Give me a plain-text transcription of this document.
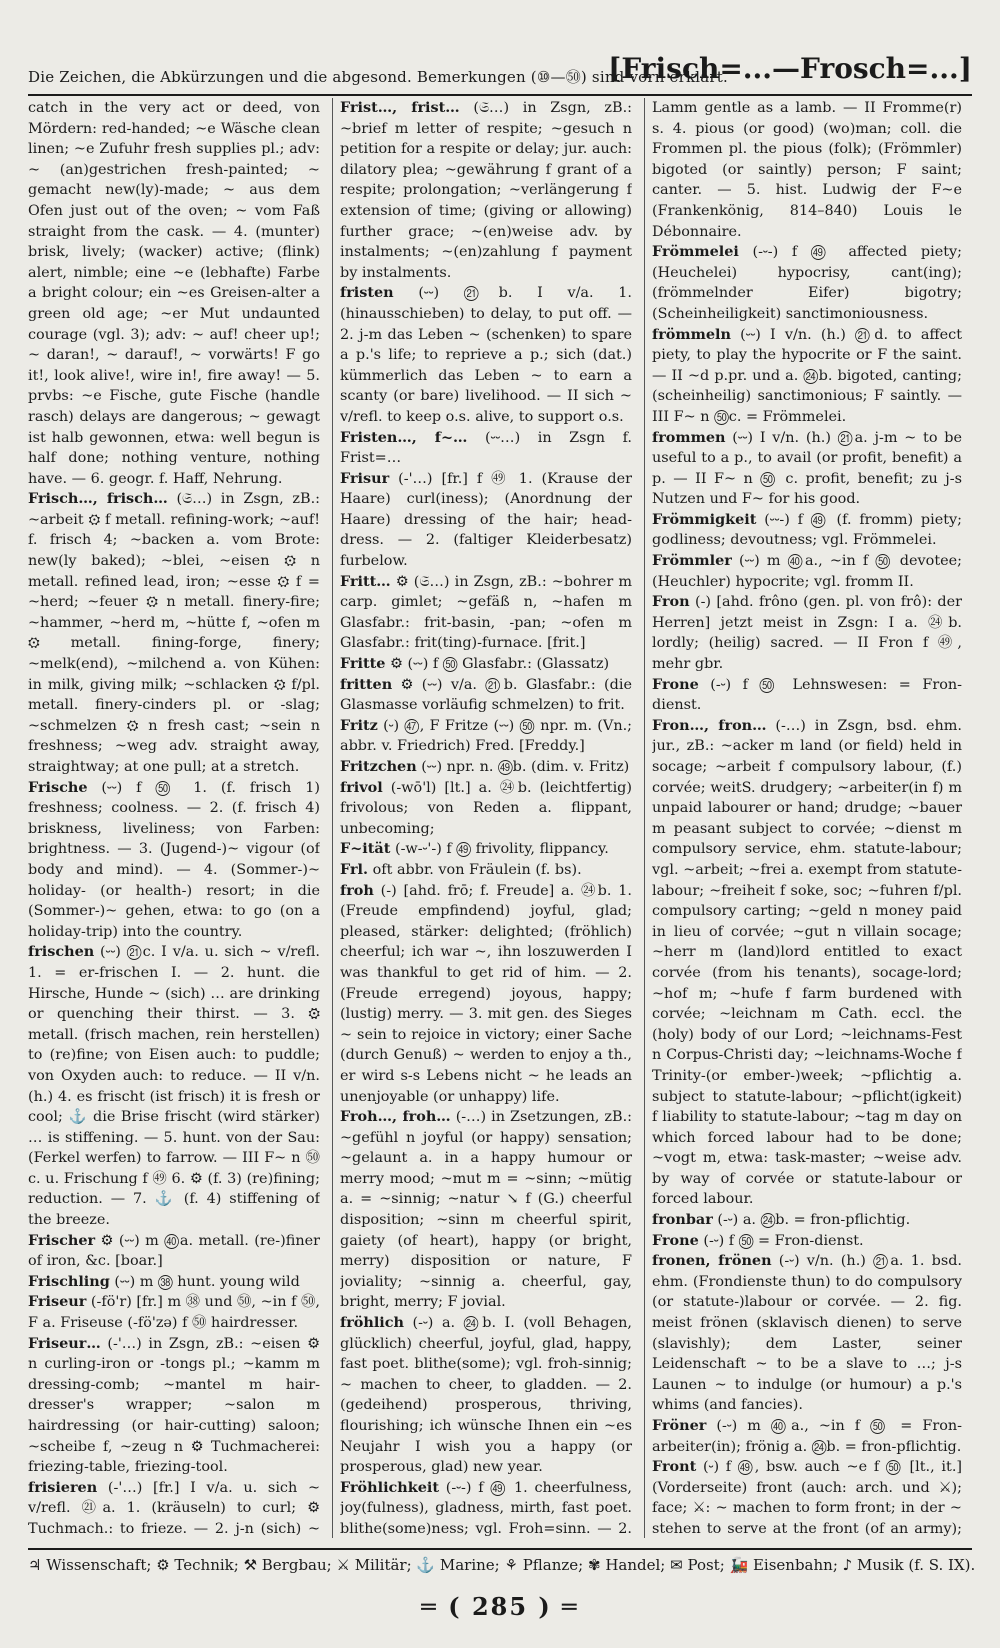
Die Zeichen, die Abkürzungen und die abgesond. Bemerkungen (⑩—㊿) sind vorn erklärt.
[Frisch=...—Frosch=...]
catch in the very act or deed, von Mördern: red-handed; ~e Wäsche clean linen; ~e Zufuhr fresh supplies pl.; adv: ~ (an)gestrichen fresh-painted; ~ gemacht new(ly)-made; ~ aus dem Ofen just out of the oven; ~ vom Faß straight from the cask. — 4. (munter) brisk, lively; (wacker) active; (flink) alert, nimble; eine ~e (lebhafte) Farbe a bright colour; ein ~es Greisen-alter a green old age; ~er Mut undaunted courage (vgl. 3); adv: ~ auf! cheer up!; ~ daran!, ~ darauf!, ~ vorwärts! F go it!, look alive!, wire in!, fire away! — 5. prvbs: ~e Fische, gute Fische (handle rasch) delays are dangerous; ~ gewagt ist halb gewonnen, etwa: well begun is half done; nothing venture, nothing have. — 6. geogr. f. Haff, Nehrung.
Frisch…, frisch… (𝔖…) in Zsgn, zB.: ~arbeit ⚙ f metall. refining-work; ~auf! f. frisch 4; ~backen a. vom Brote: new(ly baked); ~blei, ~eisen ⚙ n metall. refined lead, iron; ~esse ⚙ f = ~herd; ~feuer ⚙ n metall. finery-fire; ~hammer, ~herd m, ~hütte f, ~ofen m ⚙ metall. fining-forge, finery; ~melk(end), ~milchend a. von Kühen: in milk, giving milk; ~schlacken ⚙ f/pl. metall. finery-cinders pl. or -slag; ~schmelzen ⚙ n fresh cast; ~sein n freshness; ~weg adv. straight away, straightway; at one pull; at a stretch.
Frische (⏑⏑) f ㊿ 1. (f. frisch 1) freshness; coolness. — 2. (f. frisch 4) briskness, liveliness; von Farben: brightness. — 3. (Jugend-)~ vigour (of body and mind). — 4. (Sommer-)~ holiday- (or health-) resort; in die (Sommer-)~ gehen, etwa: to go (on a holiday-trip) into the country.
frischen (⏑⏑) ㉑c. I v/a. u. sich ~ v/refl. 1. = er-frischen I. — 2. hunt. die Hirsche, Hunde ~ (sich) … are drinking or quenching their thirst. — 3. ⚙ metall. (frisch machen, rein herstellen) to (re)fine; von Eisen auch: to puddle; von Oxyden auch: to reduce. — II v/n. (h.) 4. es frischt (ist frisch) it is fresh or cool; ⚓ die Brise frischt (wird stärker) … is stiffening. — 5. hunt. von der Sau: (Ferkel werfen) to farrow. — III F~ n ㊿c. u. Frischung f ㊾ 6. ⚙ (f. 3) (re)fining; reduction. — 7. ⚓ (f. 4) stiffening of the breeze.
Frischer ⚙ (⏑⏑) m ㊵a. metall. (re-)finer of iron, &c. [boar.]
Frischling (⏑⏑) m ㊳ hunt. young wild
Friseur (-fö'r) [fr.] m ㊳ und ㊿, ~in f ㊿, F a. Friseuse (-fö'zə) f ㊿ hairdresser.
Friseur… (-'…) in Zsgn, zB.: ~eisen ⚙ n curling-iron or -tongs pl.; ~kamm m dressing-comb; ~mantel m hair-dresser's wrapper; ~salon m hairdressing (or hair-cutting) saloon; ~scheibe f, ~zeug n ⚙ Tuchmacherei: friezing-table, friezing-tool.
frisieren (-'…) [fr.] I v/a. u. sich ~ v/refl. ㉑a. 1. (kräuseln) to curl; ⚙ Tuchmach.: to frieze. — 2. j-n (sich) ~
Frist…, frist… (𝔖…) in Zsgn, zB.: ~brief m letter of respite; ~gesuch n petition for a respite or delay; jur. auch: dilatory plea; ~gewährung f grant of a respite; prolongation; ~verlängerung f extension of time; (giving or allowing) further grace; ~(en)weise adv. by instalments; ~(en)zahlung f payment by instalments.
fristen (⏑⏑) ㉑b. I v/a. 1. (hinausschieben) to delay, to put off. — 2. j-m das Leben ~ (schenken) to spare a p.'s life; to reprieve a p.; sich (dat.) kümmerlich das Leben ~ to earn a scanty (or bare) livelihood. — II sich ~ v/refl. to keep o.s. alive, to support o.s.
Fristen…, f~… (⏑⏑…) in Zsgn f. Frist=…
Frisur (-'…) [fr.] f ㊾ 1. (Krause der Haare) curl(iness); (Anordnung der Haare) dressing of the hair; head-dress. — 2. (faltiger Kleiderbesatz) furbelow.
Fritt… ⚙ (𝔖…) in Zsgn, zB.: ~bohrer m carp. gimlet; ~gefäß n, ~hafen m Glasfabr.: frit-basin, -pan; ~ofen m Glasfabr.: frit(ting)-furnace. [frit.]
Fritte ⚙ (⏑⏑) f ㊿ Glasfabr.: (Glassatz)
fritten ⚙ (⏑⏑) v/a. ㉑b. Glasfabr.: (die Glasmasse vorläufig schmelzen) to frit.
Fritz (⏑) ㊼, F Fritze (⏑⏑) ㊿ npr. m. (Vn.; abbr. v. Friedrich) Fred. [Freddy.]
Fritzchen (⏑⏑) npr. n. ㊾b. (dim. v. Fritz)
frivol (-wō'l) [lt.] a. ㉔b. (leichtfertig) frivolous; von Reden a. flippant, unbecoming;
F~ität (-w-⏑'-) f ㊾ frivolity, flippancy.
Frl. oft abbr. von Fräulein (f. bs).
froh (-) [ahd. frō; f. Freude] a. ㉔b. 1. (Freude empfindend) joyful, glad; pleased, stärker: delighted; (fröhlich) cheerful; ich war ~, ihn loszuwerden I was thankful to get rid of him. — 2. (Freude erregend) joyous, happy; (lustig) merry. — 3. mit gen. des Sieges ~ sein to rejoice in victory; einer Sache (durch Genuß) ~ werden to enjoy a th., er wird s-s Lebens nicht ~ he leads an unenjoyable (or unhappy) life.
Froh…, froh… (-…) in Zsetzungen, zB.: ~gefühl n joyful (or happy) sensation; ~gelaunt a. in a happy humour or merry mood; ~mut m = ~sinn; ~mütig a. = ~sinnig; ~natur ↘ f (G.) cheerful disposition; ~sinn m cheerful spirit, gaiety (of heart), happy (or bright, merry) disposition or nature, F joviality; ~sinnig a. cheerful, gay, bright, merry; F jovial.
fröhlich (-⏑) a. ㉔b. I. (voll Behagen, glücklich) cheerful, joyful, glad, happy, fast poet. blithe(some); vgl. froh-sinnig; ~ machen to cheer, to gladden. — 2. (gedeihend) prosperous, thriving, flourishing; ich wünsche Ihnen ein ~es Neujahr I wish you a happy (or prosperous, glad) new year.
Fröhlichkeit (-⏑-) f ㊾ 1. cheerfulness, joy(fulness), gladness, mirth, fast poet. blithe(some)ness; vgl. Froh=sinn. — 2.
Lamm gentle as a lamb. — II Fromme(r) s. 4. pious (or good) (wo)man; coll. die Frommen pl. the pious (folk); (Frömmler) bigoted (or saintly) person; F saint; canter. — 5. hist. Ludwig der F~e (Frankenkönig, 814–840) Louis le Débonnaire.
Frömmelei (-⏑-) f ㊾ affected piety; (Heuchelei) hypocrisy, cant(ing); (frömmelnder Eifer) bigotry; (Scheinheiligkeit) sanctimoniousness.
frömmeln (⏑⏑) I v/n. (h.) ㉑d. to affect piety, to play the hypocrite or F the saint. — II ~d p.pr. und a. ㉔b. bigoted, canting; (scheinheilig) sanctimonious; F saintly. — III F~ n ㊿c. = Frömmelei.
frommen (⏑⏑) I v/n. (h.) ㉑a. j-m ~ to be useful to a p., to avail (or profit, benefit) a p. — II F~ n ㊿ c. profit, benefit; zu j-s Nutzen und F~ for his good.
Frömmigkeit (⏑⏑-) f ㊾ (f. fromm) piety; godliness; devoutness; vgl. Frömmelei.
Frömmler (⏑⏑) m ㊵a., ~in f ㊿ devotee; (Heuchler) hypocrite; vgl. fromm II.
Fron (-) [ahd. frôno (gen. pl. von frô): der Herren] jetzt meist in Zsgn: I a. ㉔b. lordly; (heilig) sacred. — II Fron f ㊾, mehr gbr.
Frone (-⏑) f ㊿ Lehnswesen: = Fron-dienst.
Fron…, fron… (-…) in Zsgn, bsd. ehm. jur., zB.: ~acker m land (or field) held in socage; ~arbeit f compulsory labour, (f.) corvée; weitS. drudgery; ~arbeiter(in f) m unpaid labourer or hand; drudge; ~bauer m peasant subject to corvée; ~dienst m compulsory service, ehm. statute-labour; vgl. ~arbeit; ~frei a. exempt from statute-labour; ~freiheit f soke, soc; ~fuhren f/pl. compulsory carting; ~geld n money paid in lieu of corvée; ~gut n villain socage; ~herr m (land)lord entitled to exact corvée (from his tenants), socage-lord; ~hof m; ~hufe f farm burdened with corvée; ~leichnam m Cath. eccl. the (holy) body of our Lord; ~leichnams-Fest n Corpus-Christi day; ~leichnams-Woche f Trinity-(or ember-)week; ~pflichtig a. subject to statute-labour; ~pflicht(igkeit) f liability to statute-labour; ~tag m day on which forced labour had to be done; ~vogt m, etwa: task-master; ~weise adv. by way of corvée or statute-labour or forced labour.
fronbar (-⏑) a. ㉔b. = fron-pflichtig.
Frone (-⏑) f ㊿ = Fron-dienst.
fronen, frönen (-⏑) v/n. (h.) ㉑a. 1. bsd. ehm. (Frondienste thun) to do compulsory (or statute-)labour or corvée. — 2. fig. meist frönen (sklavisch dienen) to serve (slavishly); dem Laster, seiner Leidenschaft ~ to be a slave to …; j-s Launen ~ to indulge (or humour) a p.'s whims (and fancies).
Fröner (-⏑) m ㊵a., ~in f ㊿ = Fron-arbeiter(in); frönig a. ㉔b. = fron-pflichtig.
Front (⏑) f ㊾, bsw. auch ~e f ㊿ [lt., it.] (Vorderseite) front (auch: arch. und ⚔); face; ⚔: ~ machen to form front; in der ~ stehen to serve at the front (of an army);
♃ Wissenschaft; ⚙ Technik; ⚒ Bergbau; ⚔ Militär; ⚓ Marine; ⚘ Pflanze; ✾ Handel; ✉ Post; 🚂 Eisenbahn; ♪ Musik (f. S. IX).
═ ( 285 ) ═
